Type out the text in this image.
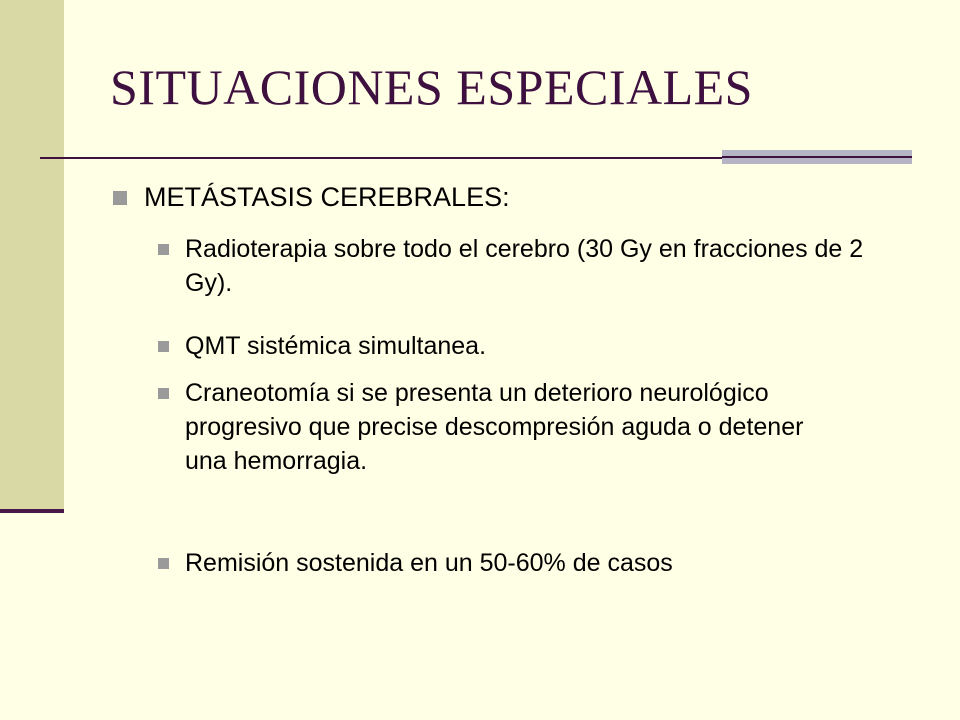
SITUACIONES ESPECIALES
METÁSTASIS CEREBRALES:
Radioterapia sobre todo el cerebro (30 Gy en fracciones de 2 Gy).
QMT sistémica simultanea.
Craneotomía si se presenta un deterioro neurológico progresivo que precise descompresión aguda o detener una hemorragia.
Remisión sostenida en un 50-60% de casos
